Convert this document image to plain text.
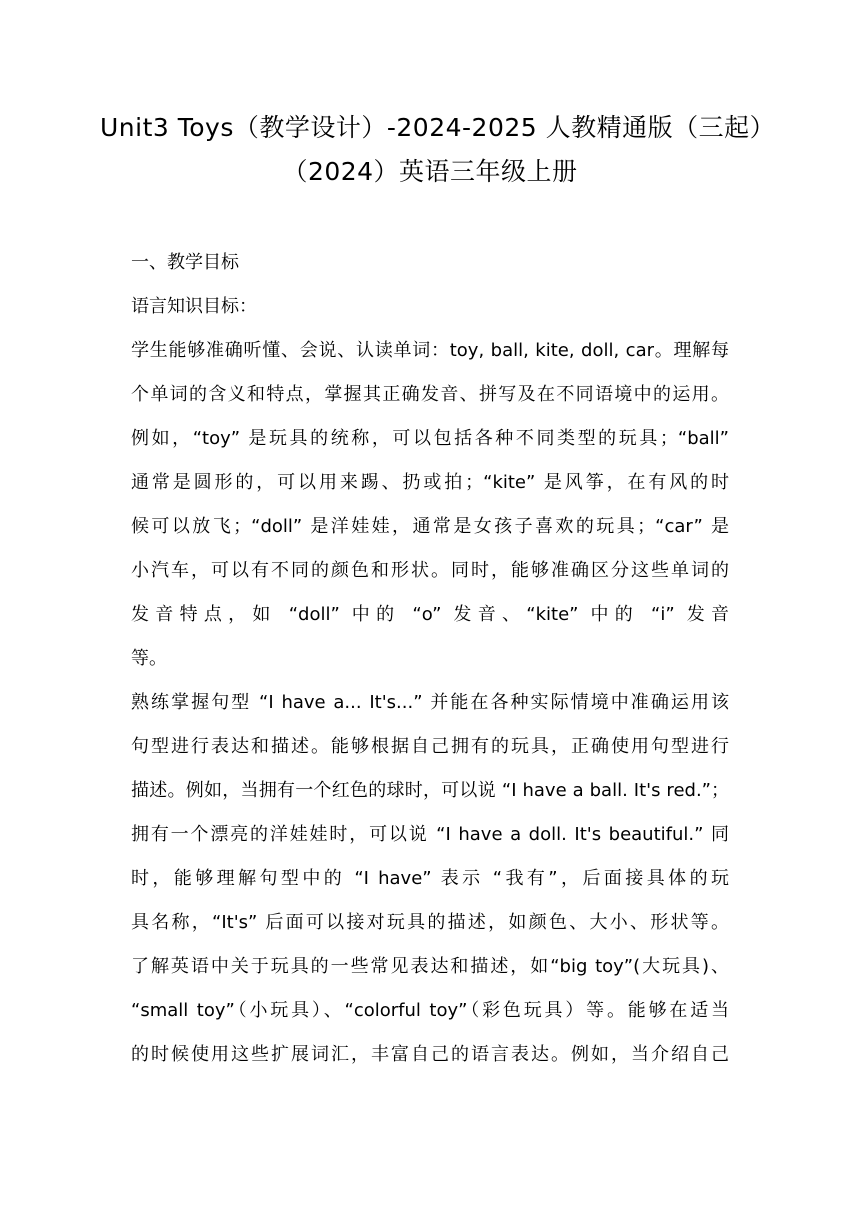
Unit3 Toys（教学设计）-2024-2025 人教精通版（三起）
（2024）英语三年级上册
一、教学目标
语言知识目标：
学生能够准确听懂、会说、认读单词：toy, ball, kite, doll, car。理解每
个单词的含义和特点，掌握其正确发音、拼写及在不同语境中的运用。
例如，“toy” 是玩具的统称，可以包括各种不同类型的玩具；“ball”
通常是圆形的，可以用来踢、扔或拍；“kite” 是风筝，在有风的时
候可以放飞；“doll” 是洋娃娃，通常是女孩子喜欢的玩具；“car” 是
小汽车，可以有不同的颜色和形状。同时，能够准确区分这些单词的
发音特点，如 “doll” 中的 “o” 发音、“kite” 中的 “i” 发音
等。
熟练掌握句型 “I have a... It's...” 并能在各种实际情境中准确运用该
句型进行表达和描述。能够根据自己拥有的玩具，正确使用句型进行
描述。例如，当拥有一个红色的球时，可以说 “I have a ball. It's red.”；
拥有一个漂亮的洋娃娃时，可以说 “I have a doll. It's beautiful.” 同
时，能够理解句型中的 “I have” 表示 “我有”，后面接具体的玩
具名称，“It's” 后面可以接对玩具的描述，如颜色、大小、形状等。
了解英语中关于玩具的一些常见表达和描述，如“big toy”(大玩具)、
“small toy”（小玩具）、“colorful toy”（彩色玩具）等。能够在适当
的时候使用这些扩展词汇，丰富自己的语言表达。例如，当介绍自己
